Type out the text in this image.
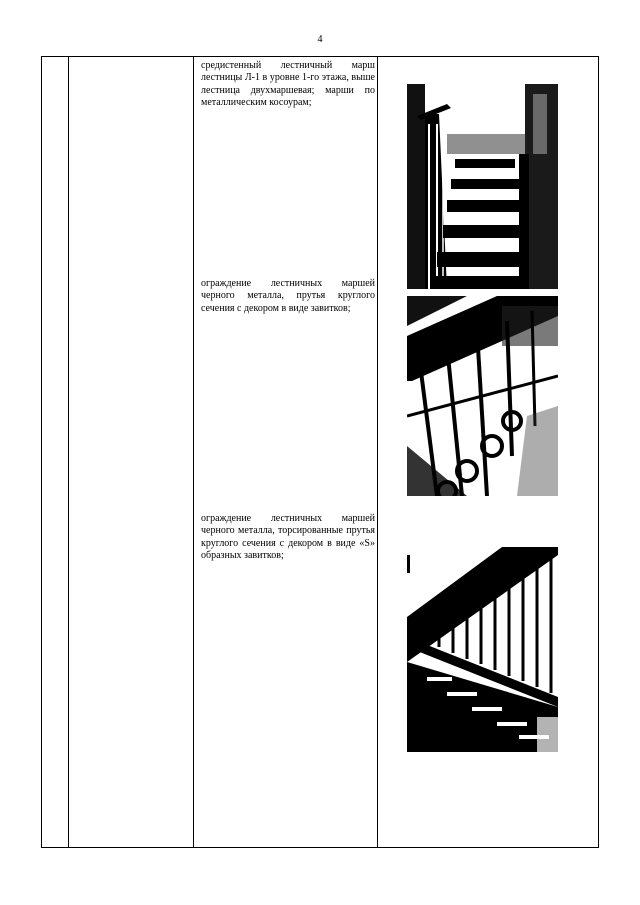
4
средистенный лестничный марш лестницы Л-1 в уровне 1-го этажа, выше лестница двухмаршевая; марши по металлическим косоурам;
ограждение лестничных маршей черного металла, прутья круглого сечения с декором в виде завитков;
ограждение лестничных маршей черного металла, торсированные прутья круглого сечения с декором в виде «S» образных завитков;
